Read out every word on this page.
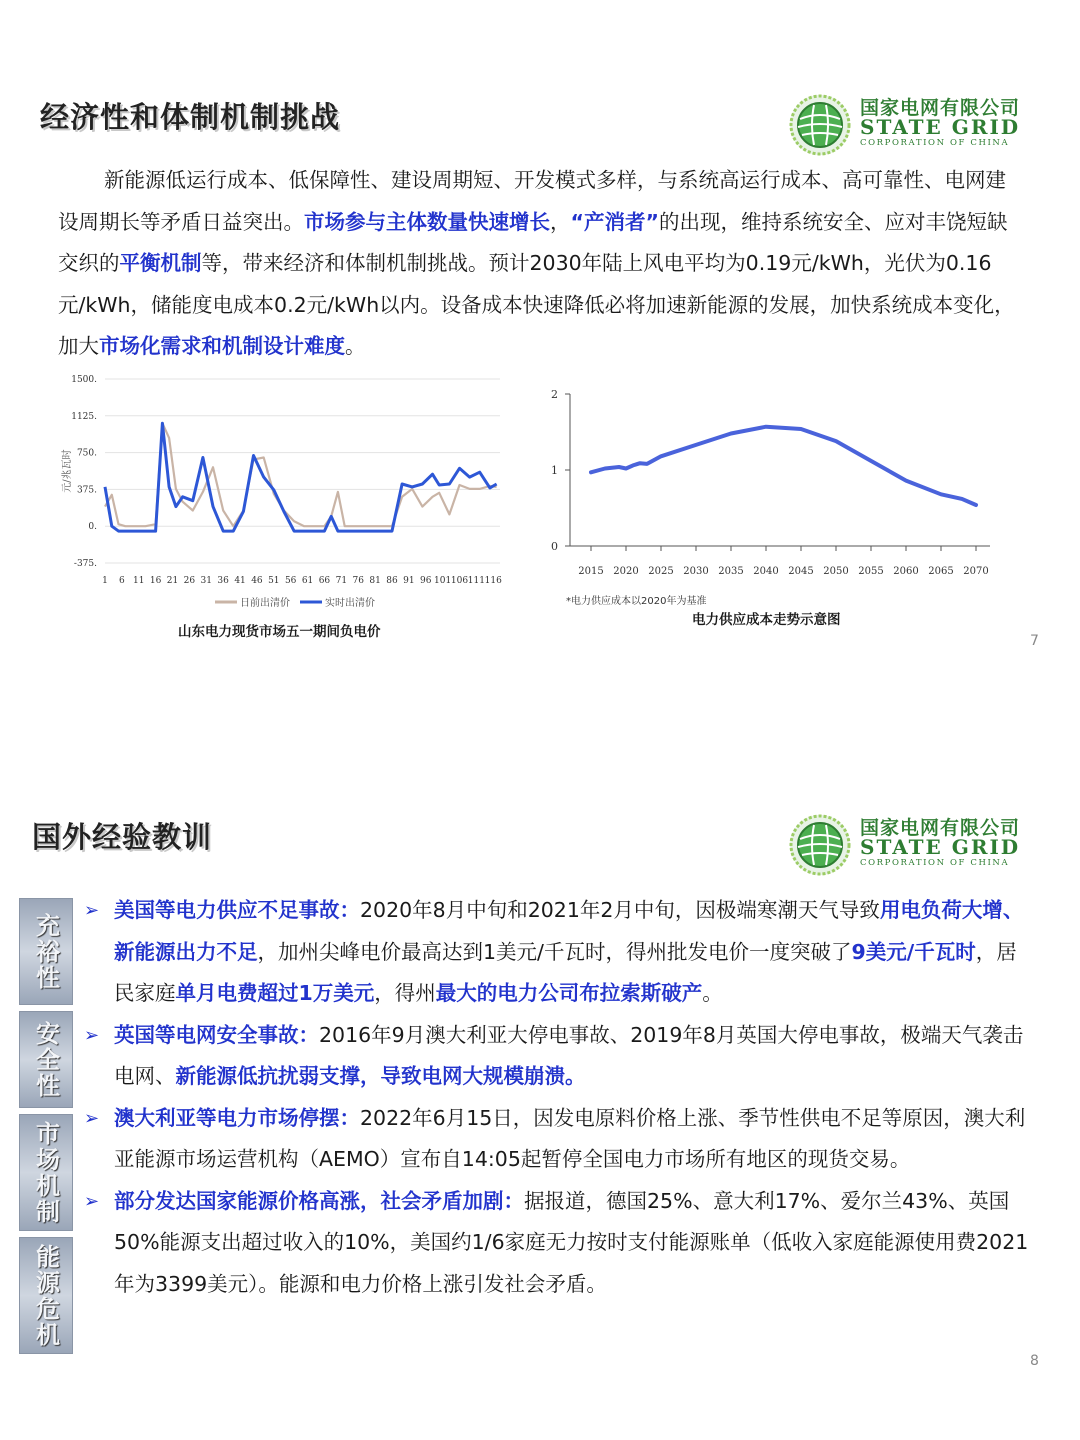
经济性和体制机制挑战	国家电网有限公司
STATE GRID
CORPORATION OF CHINA
新能源低运行成本、低保障性、建设周期短、开发模式多样，与系统高运行成本、高可靠性、电网建设周期长等矛盾日益突出。市场参与主体数量快速增长，“产消者”的出现，维持系统安全、应对丰饶短缺交织的平衡机制等，带来经济和体制机制挑战。预计2030年陆上风电平均为0.19元/kWh，光伏为0.16元/kWh，储能度电成本0.2元/kWh以内。设备成本快速降低必将加速新能源的发展，加快系统成本变化，加大市场化需求和机制设计难度。
1500.
1125.
750.
375.
0.
-375.
1 6 11 16 21 26 31 36 41 46 51 56 61 66 71 76 81 86 91 96 101 106 111 116
元/兆瓦时
日前出清价	实时出清价
山东电力现货市场五一期间负电价
0
1
2
2015 2020 2025 2030 2035 2040 2045 2050 2055 2060 2065 2070
*电力供应成本以2020年为基准
电力供应成本走势示意图
7
国外经验教训	国家电网有限公司
STATE GRID
CORPORATION OF CHINA
充裕性
安全性
市场机制
能源危机
➢ 美国等电力供应不足事故：2020年8月中旬和2021年2月中旬，因极端寒潮天气导致用电负荷大增、新能源出力不足，加州尖峰电价最高达到1美元/千瓦时，得州批发电价一度突破了9美元/千瓦时，居民家庭单月电费超过1万美元，得州最大的电力公司布拉索斯破产。
➢ 英国等电网安全事故：2016年9月澳大利亚大停电事故、2019年8月英国大停电事故，极端天气袭击电网、新能源低抗扰弱支撑，导致电网大规模崩溃。
➢ 澳大利亚等电力市场停摆：2022年6月15日，因发电原料价格上涨、季节性供电不足等原因，澳大利亚能源市场运营机构（AEMO）宣布自14:05起暂停全国电力市场所有地区的现货交易。
➢ 部分发达国家能源价格高涨，社会矛盾加剧：据报道，德国25%、意大利17%、爱尔兰43%、英国50%能源支出超过收入的10%，美国约1/6家庭无力按时支付能源账单（低收入家庭能源使用费2021年为3399美元）。能源和电力价格上涨引发社会矛盾。
8
